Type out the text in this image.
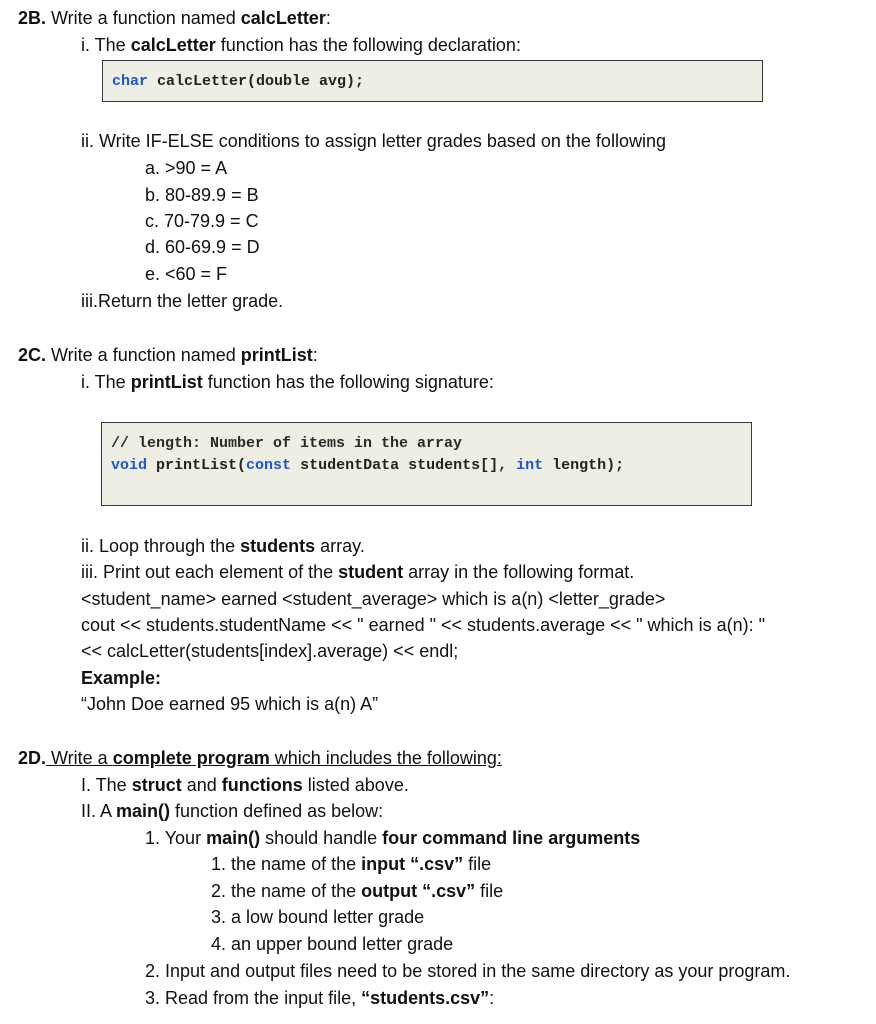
2B. Write a function named calcLetter:
i. The calcLetter function has the following declaration:
char calcLetter(double avg);
ii. Write IF-ELSE conditions to assign letter grades based on the following
a. >90 = A
b. 80-89.9 = B
c. 70-79.9 = C
d. 60-69.9 = D
e. <60 = F
iii.Return the letter grade.
2C. Write a function named printList:
i. The printList function has the following signature:
// length: Number of items in the array
void printList(const studentData students[], int length);
ii. Loop through the students array.
iii. Print out each element of the student array in the following format.
<student_name> earned <student_average> which is a(n) <letter_grade>
cout << students.studentName << " earned " << students.average << " which is a(n): "
<< calcLetter(students[index].average) << endl;
Example:
“John Doe earned 95 which is a(n) A”
2D. Write a complete program which includes the following:
I. The struct and functions listed above.
II. A main() function defined as below:
1. Your main() should handle four command line arguments
1. the name of the input “.csv” file
2. the name of the output “.csv” file
3. a low bound letter grade
4. an upper bound letter grade
2. Input and output files need to be stored in the same directory as your program.
3. Read from the input file, “students.csv”:
